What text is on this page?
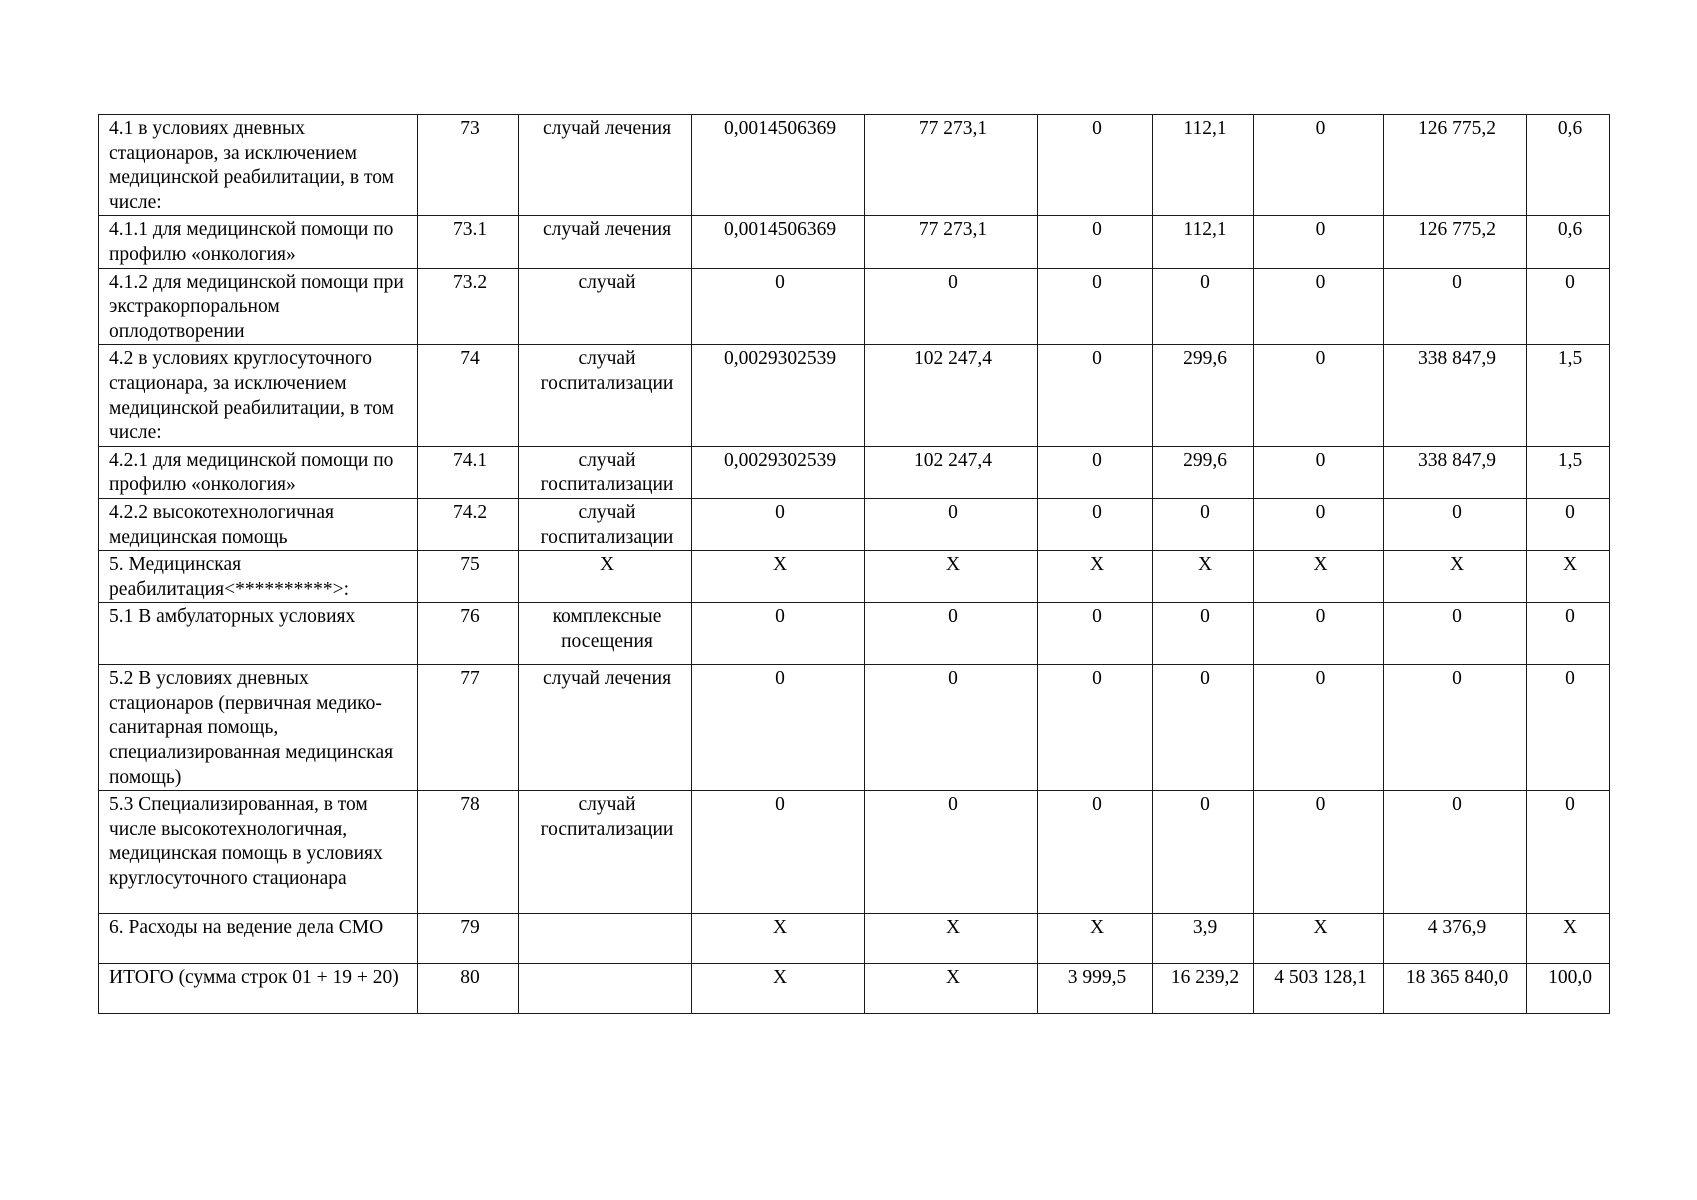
4.1 в условиях дневных стационаров, за исключением медицинской реабилитации, в том числе:	73	случай лечения	0,0014506369	77 273,1	0	112,1	0	126 775,2	0,6
4.1.1 для медицинской помощи по профилю «онкология»	73.1	случай лечения	0,0014506369	77 273,1	0	112,1	0	126 775,2	0,6
4.1.2 для медицинской помощи при экстракорпоральном оплодотворении	73.2	случай	0	0	0	0	0	0	0
4.2 в условиях круглосуточного стационара, за исключением медицинской реабилитации, в том числе:	74	случай госпитализации	0,0029302539	102 247,4	0	299,6	0	338 847,9	1,5
4.2.1 для медицинской помощи по профилю «онкология»	74.1	случай госпитализации	0,0029302539	102 247,4	0	299,6	0	338 847,9	1,5
4.2.2 высокотехнологичная медицинская помощь	74.2	случай госпитализации	0	0	0	0	0	0	0
5. Медицинская реабилитация<**********>:	75	X	X	X	X	X	X	X	X
5.1 В амбулаторных условиях	76	комплексные посещения	0	0	0	0	0	0	0
5.2 В условиях дневных стационаров (первичная медико-санитарная помощь, специализированная медицинская помощь)	77	случай лечения	0	0	0	0	0	0	0
5.3 Специализированная, в том числе высокотехнологичная, медицинская помощь в условиях круглосуточного стационара	78	случай госпитализации	0	0	0	0	0	0	0
6. Расходы на ведение дела СМО	79		X	X	X	3,9	X	4 376,9	X
ИТОГО (сумма строк 01 + 19 + 20)	80		X	X	3 999,5	16 239,2	4 503 128,1	18 365 840,0	100,0
